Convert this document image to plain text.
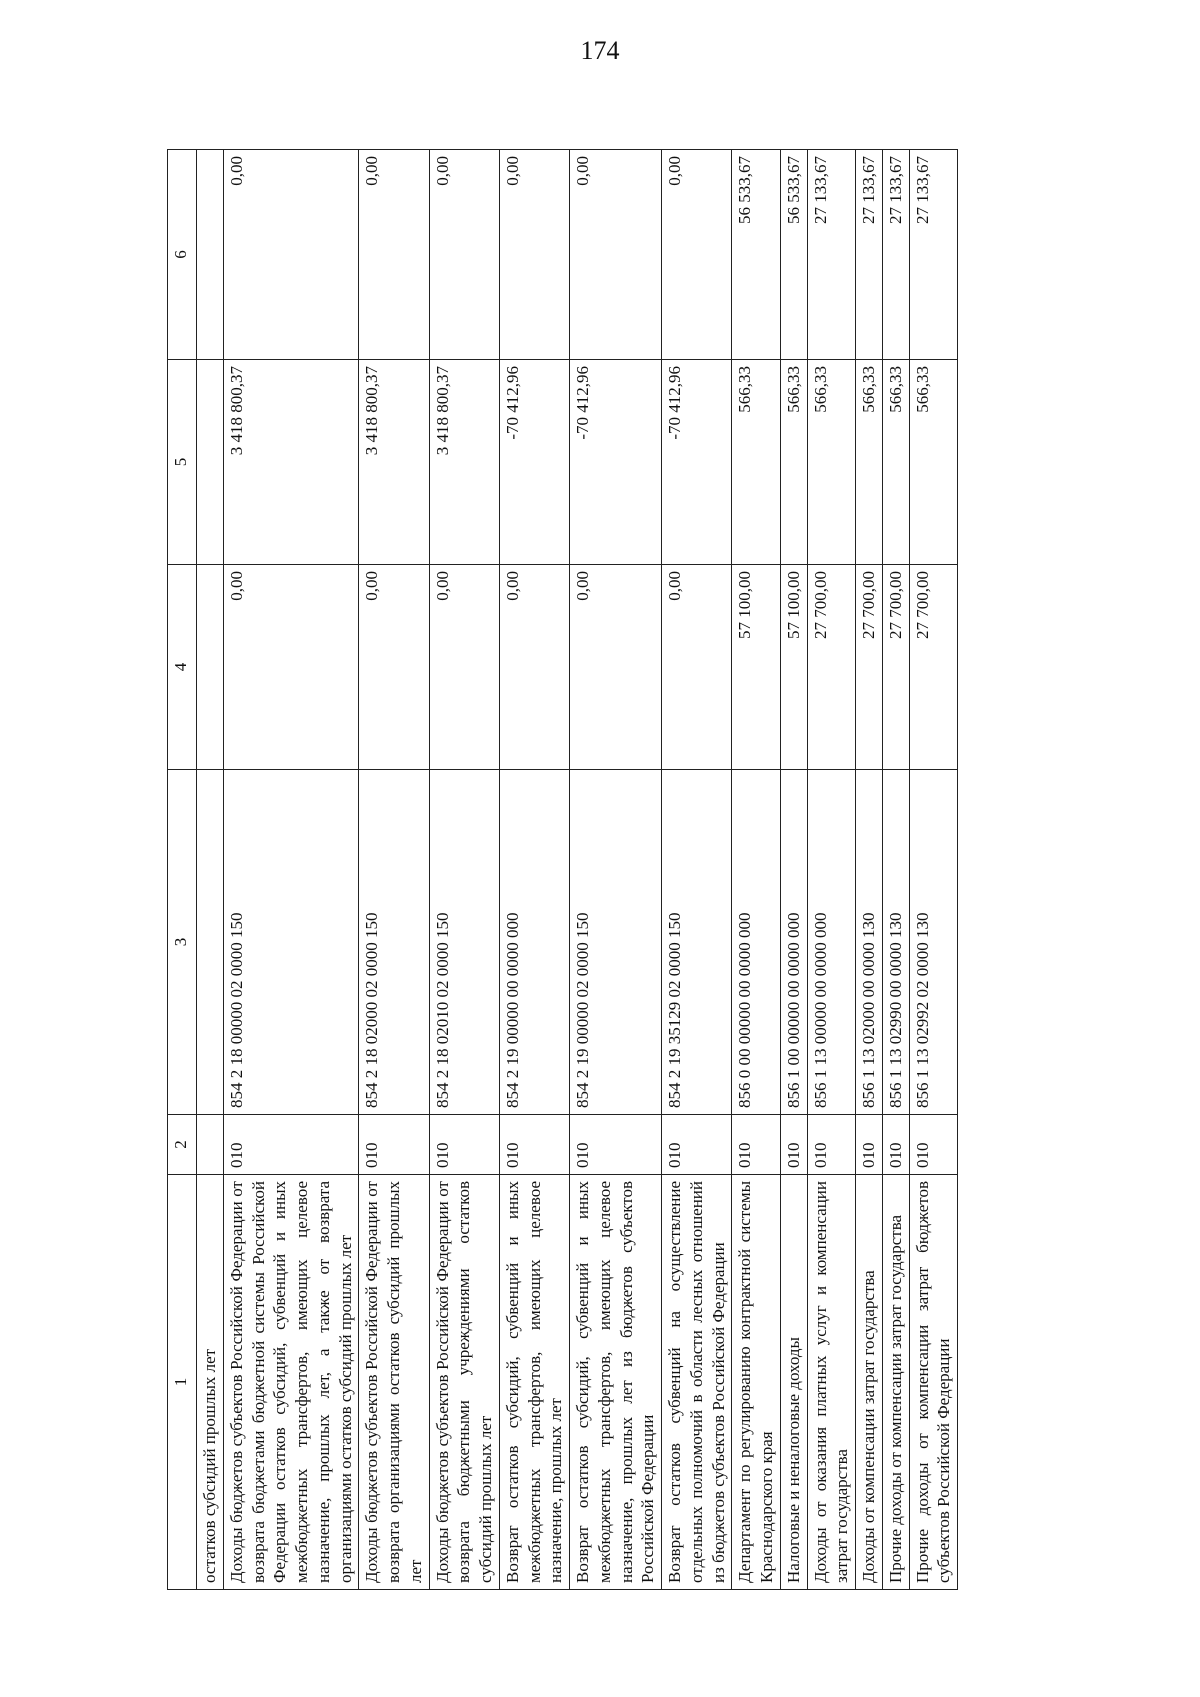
174
1	2	3	4	5	6
остатков субсидий прошлых лет					
Доходы бюджетов субъектов Российской Федерации от возврата бюджетами бюджетной системы Российской Федерации остатков субсидий, субвенций и иных межбюджетных трансфертов, имеющих целевое назначение, прошлых лет, а также от возврата организациями остатков субсидий прошлых лет	010	854 2 18 00000 02 0000 150	0,00	3 418 800,37	0,00
Доходы бюджетов субъектов Российской Федерации от возврата организациями остатков субсидий прошлых лет	010	854 2 18 02000 02 0000 150	0,00	3 418 800,37	0,00
Доходы бюджетов субъектов Российской Федерации от возврата бюджетными учреждениями остатков субсидий прошлых лет	010	854 2 18 02010 02 0000 150	0,00	3 418 800,37	0,00
Возврат остатков субсидий, субвенций и иных межбюджетных трансфертов, имеющих целевое назначение, прошлых лет	010	854 2 19 00000 00 0000 000	0,00	-70 412,96	0,00
Возврат остатков субсидий, субвенций и иных межбюджетных трансфертов, имеющих целевое назначение, прошлых лет из бюджетов субъектов Российской Федерации	010	854 2 19 00000 02 0000 150	0,00	-70 412,96	0,00
Возврат остатков субвенций на осуществление отдельных полномочий в области лесных отношений из бюджетов субъектов Российской Федерации	010	854 2 19 35129 02 0000 150	0,00	-70 412,96	0,00
Департамент по регулированию контрактной системы Краснодарского края	010	856 0 00 00000 00 0000 000	57 100,00	566,33	56 533,67
Налоговые и неналоговые доходы	010	856 1 00 00000 00 0000 000	57 100,00	566,33	56 533,67
Доходы от оказания платных услуг и компенсации затрат государства	010	856 1 13 00000 00 0000 000	27 700,00	566,33	27 133,67
Доходы от компенсации затрат государства	010	856 1 13 02000 00 0000 130	27 700,00	566,33	27 133,67
Прочие доходы от компенсации затрат государства	010	856 1 13 02990 00 0000 130	27 700,00	566,33	27 133,67
Прочие доходы от компенсации затрат бюджетов субъектов Российской Федерации	010	856 1 13 02992 02 0000 130	27 700,00	566,33	27 133,67
